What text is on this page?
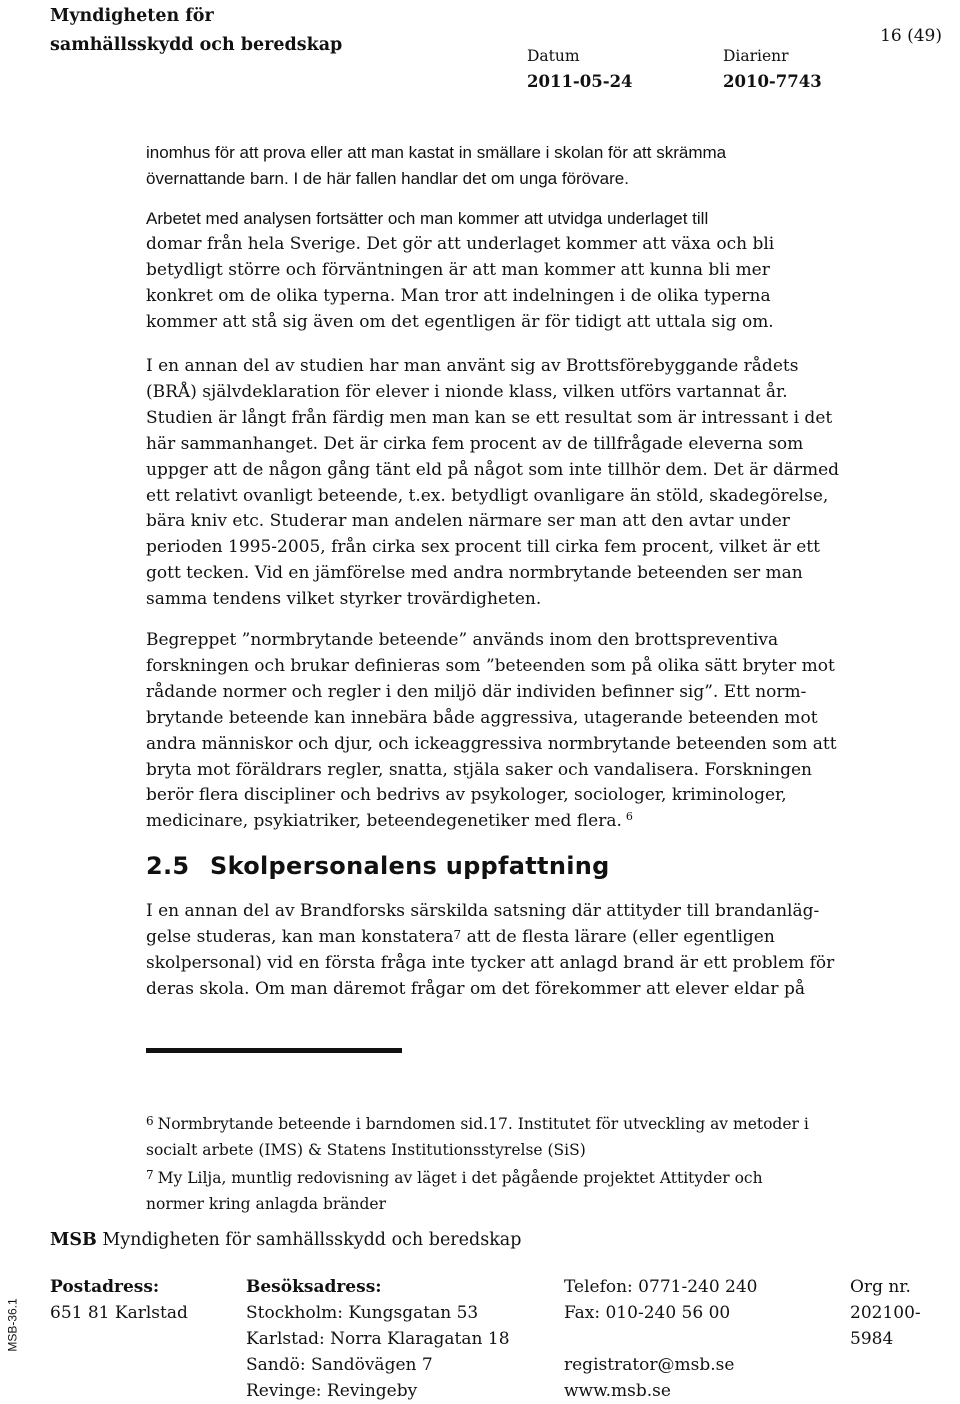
Myndigheten för
samhällsskydd och beredskap	16 (49)
Datum
2011-05-24
Diarienr
2010-7743
inomhus för att prova eller att man kastat in smällare i skolan för att skrämma
övernattande barn. I de här fallen handlar det om unga förövare.
Arbetet med analysen fortsätter och man kommer att utvidga underlaget till
domar från hela Sverige. Det gör att underlaget kommer att växa och bli
betydligt större och förväntningen är att man kommer att kunna bli mer
konkret om de olika typerna. Man tror att indelningen i de olika typerna
kommer att stå sig även om det egentligen är för tidigt att uttala sig om.
I en annan del av studien har man använt sig av Brottsförebyggande rådets
(BRÅ) självdeklaration för elever i nionde klass, vilken utförs vartannat år.
Studien är långt från färdig men man kan se ett resultat som är intressant i det
här sammanhanget. Det är cirka fem procent av de tillfrågade eleverna som
uppger att de någon gång tänt eld på något som inte tillhör dem. Det är därmed
ett relativt ovanligt beteende, t.ex. betydligt ovanligare än stöld, skadegörelse,
bära kniv etc. Studerar man andelen närmare ser man att den avtar under
perioden 1995-2005, från cirka sex procent till cirka fem procent, vilket är ett
gott tecken. Vid en jämförelse med andra normbrytande beteenden ser man
samma tendens vilket styrker trovärdigheten.
Begreppet ”normbrytande beteende” används inom den brottspreventiva
forskningen och brukar definieras som ”beteenden som på olika sätt bryter mot
rådande normer och regler i den miljö där individen befinner sig”. Ett norm-
brytande beteende kan innebära både aggressiva, utagerande beteenden mot
andra människor och djur, och ickeaggressiva normbrytande beteenden som att
bryta mot föräldrars regler, snatta, stjäla saker och vandalisera. Forskningen
berör flera discipliner och bedrivs av psykologer, sociologer, kriminologer,
medicinare, psykiatriker, beteendegenetiker med flera. $^6$
2.5 Skolpersonalens uppfattning
I en annan del av Brandforsks särskilda satsning där attityder till brandanläg-
gelse studeras, kan man konstatera$^7$ att de flesta lärare (eller egentligen
skolpersonal) vid en första fråga inte tycker att anlagd brand är ett problem för
deras skola. Om man däremot frågar om det förekommer att elever eldar på
$^6$ Normbrytande beteende i barndomen sid.17. Institutet för utveckling av metoder i
socialt arbete (IMS) & Statens Institutionsstyrelse (SiS)
$^7$ My Lilja, muntlig redovisning av läget i det pågående projektet Attityder och
normer kring anlagda bränder
MSB Myndigheten för samhällsskydd och beredskap
Postadress:
651 81 Karlstad
Besöksadress:
Stockholm: Kungsgatan 53
Karlstad: Norra Klaragatan 18
Sandö: Sandövägen 7
Revinge: Revingeby
Telefon: 0771-240 240
Fax: 010-240 56 00

registrator@msb.se
www.msb.se
Org nr.
202100-
5984
MSB-36.1
